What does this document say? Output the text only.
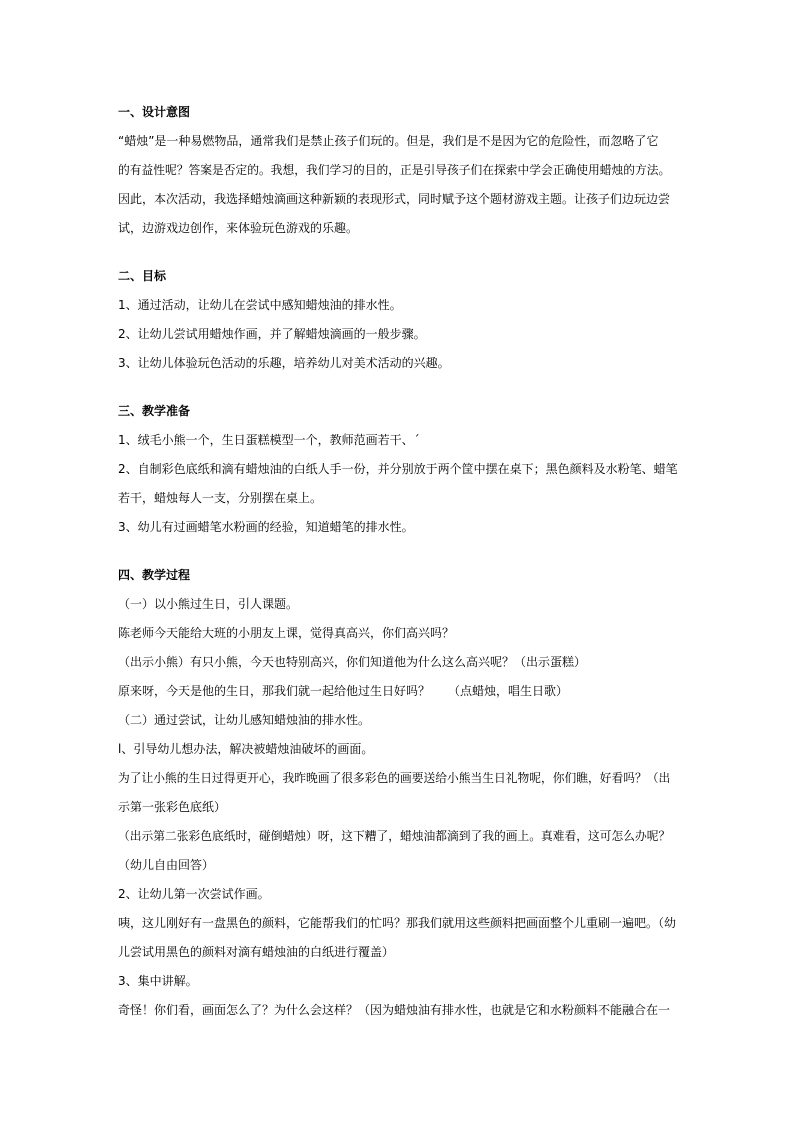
一、设计意图
“蜡烛”是一种易燃物品，通常我们是禁止孩子们玩的。但是，我们是不是因为它的危险性，而忽略了它
的有益性呢？答案是否定的。我想，我们学习的目的，正是引导孩子们在探索中学会正确使用蜡烛的方法。
因此，本次活动，我选择蜡烛滴画这种新颖的表现形式，同时赋予这个题材游戏主题。让孩子们边玩边尝
试，边游戏边创作，来体验玩色游戏的乐趣。
二、目标
1、通过活动，让幼儿在尝试中感知蜡烛油的排水性。
2、让幼儿尝试用蜡烛作画，并了解蜡烛滴画的一般步骤。
3、让幼儿体验玩色活动的乐趣，培养幼儿对美术活动的兴趣。
三、教学准备
1、绒毛小熊一个，生日蛋糕模型一个，教师范画若干、´
2、自制彩色底纸和滴有蜡烛油的白纸人手一份，并分别放于两个筐中摆在桌下；黑色颜料及水粉笔、蜡笔
若干，蜡烛每人一支，分别摆在桌上。
3、幼儿有过画蜡笔水粉画的经验，知道蜡笔的排水性。
四、教学过程
（一）以小熊过生日，引人课题。
陈老师今天能给大班的小朋友上课，觉得真高兴，你们高兴吗？
（出示小熊）有只小熊，今天也特别高兴，你们知道他为什么这么高兴呢？（出示蛋糕）
原来呀，今天是他的生日，那我们就一起给他过生日好吗？　　（点蜡烛，唱生日歌）
（二）通过尝试，让幼儿感知蜡烛油的排水性。
l、引导幼儿想办法，解决被蜡烛油破坏的画面。
为了让小熊的生日过得更开心，我昨晚画了很多彩色的画要送给小熊当生日礼物呢，你们瞧，好看吗？（出
示第一张彩色底纸）
（出示第二张彩色底纸时，碰倒蜡烛）呀，这下糟了，蜡烛油都滴到了我的画上。真难看，这可怎么办呢？
（幼儿自由回答）
2、让幼儿第一次尝试作画。
咦，这儿刚好有一盘黑色的颜料，它能帮我们的忙吗？那我们就用这些颜料把画面整个儿重刷一遍吧。（幼
儿尝试用黑色的颜料对滴有蜡烛油的白纸进行覆盖）
3、集中讲解。
奇怪！你们看，画面怎么了？为什么会这样？（因为蜡烛油有排水性，也就是它和水粉颜料不能融合在一
